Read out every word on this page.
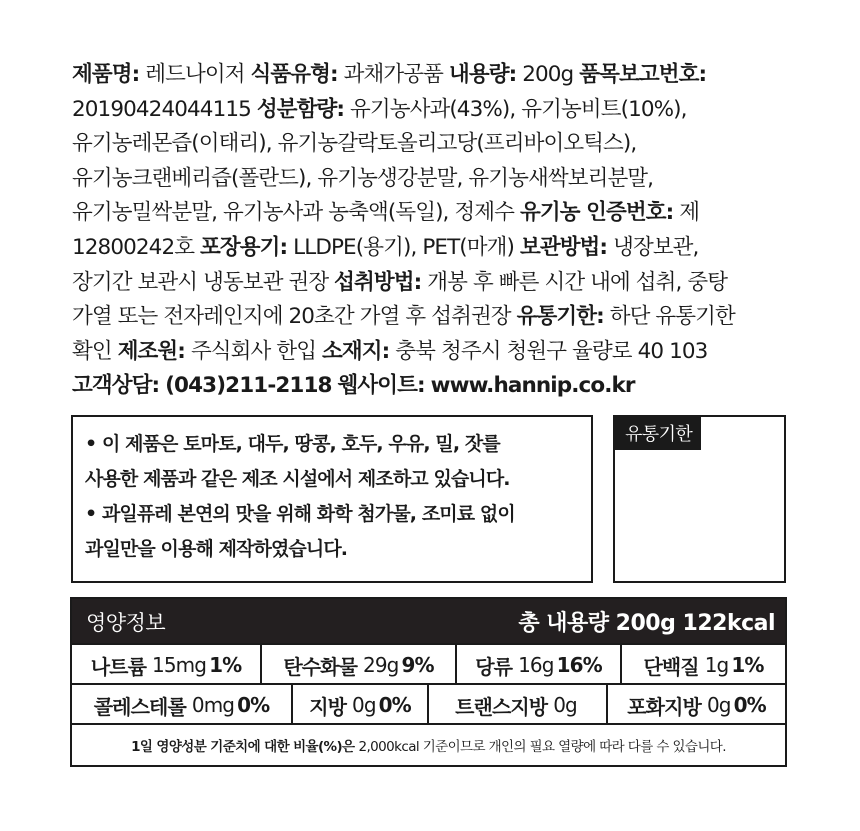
제품명: 레드나이저 식품유형: 과채가공품 내용량: 200g 품목보고번호:
20190424044115 성분함량: 유기농사과(43%), 유기농비트(10%),
유기농레몬즙(이태리), 유기농갈락토올리고당(프리바이오틱스),
유기농크랜베리즙(폴란드), 유기농생강분말, 유기농새싹보리분말,
유기농밀싹분말, 유기농사과 농축액(독일), 정제수 유기농 인증번호: 제
12800242호 포장용기: LLDPE(용기), PET(마개) 보관방법: 냉장보관,
장기간 보관시 냉동보관 권장 섭취방법: 개봉 후 빠른 시간 내에 섭취, 중탕
가열 또는 전자레인지에 20초간 가열 후 섭취권장 유통기한: 하단 유통기한
확인 제조원: 주식회사 한입 소재지: 충북 청주시 청원구 율량로 40 103
고객상담: (043)211-2118 웹사이트: www.hannip.co.kr
• 이 제품은 토마토, 대두, 땅콩, 호두, 우유, 밀, 잣를
사용한 제품과 같은 제조 시설에서 제조하고 있습니다.
• 과일퓨레 본연의 맛을 위해 화학 첨가물, 조미료 없이
과일만을 이용해 제작하였습니다.
유통기한
영양정보	총 내용량 200g 122kcal
나트륨 15mg 1% 탄수화물 29g 9% 당류 16g 16% 단백질 1g 1%
콜레스테롤 0mg 0% 지방 0g 0% 트랜스지방 0g	포화지방 0g 0%
1일 영양성분 기준치에 대한 비율(%)은 2,000kcal 기준이므로 개인의 필요 열량에 따라 다를 수 있습니다.
